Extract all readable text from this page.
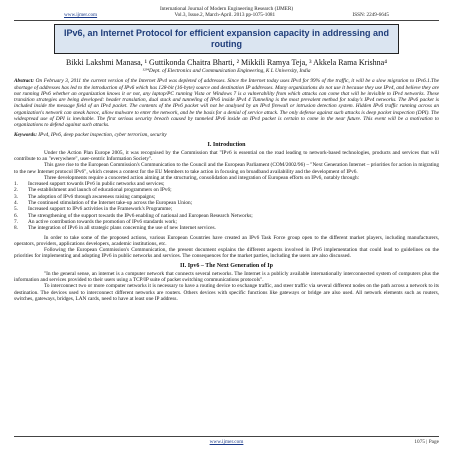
International Journal of Modern Engineering Research (IJMER)
www.ijmer.com	Vol.3, Issue.2, March-April. 2013 pp-1075-1081	ISSN: 2249-6645
IPv6, an Internet Protocol for efficient expansion capacity in addressing and routing
Bikki Lakshmi Manasa, ¹ Guttikonda Chaitra Bharti, ² Mikkili Ramya Teja, ³ Akkela Rama Krishna⁴
¹²³⁴Dept. of Electronics and Communication Engineering, K L University, India
Abstract: On February 3, 2011 the current version of the Internet IPv4 was depleted of addresses. Since the Internet today uses IPv4 for 99% of the traffic, it will be a slow migration to IPv6.1.The shortage of addresses has led to the introduction of IPv6 which has 128-bit (16-byte) source and destination IP addresses. Many organizations do not use it because they use IPv4, and believe they are not running IPv6 whether an organization knows it or not, any laptop/PC running Vista or Windows 7 is a vulnerability from which attacks can come that will be invisible to IPv4 networks. These transition strategies are being developed: header translation, dual stack and tunneling of IPv6 inside IPv4 4 Tunneling is the most prevalent method for today's IPv4 networks. The IPv6 packet is included inside the message field of an IPv4 packet. The contents of the IPv6 packet will not be analysed by an IPv4 firewall or intrusion detection system. Hidden IPv6 traffic running across an organization's network can sneak havoc, allow malware to enter the network, and be the basis for a denial of service attack. The only defense against such attacks is deep packet inspection (DPI). The widespread use of DPI is inevitable. The first serious security breach caused by tunneled IPv6 inside an IPv4 packet is certain to come in the near future. This event will be a motivation to organizations to defend against such attacks.
Keywords: IPv4, IPv6, deep packet inspection, cyber terrorism, security
I. Introduction

Under the Action Plan Europe 2005, it was recognised by the Commission that "IPv6 is essential on the road leading to network-based technologies, products and services that will contribute to an "everywhere", user-centric Information Society".

This gave rise to the European Commission's Communication to the Council and the European Parliament (COM/2002/96) – "Next Generation Internet – priorities for action in migrating to the new Internet protocol IPv6", which creates a context for the EU Members to take action in focusing on broadband availability and the development of IPv6.

Three developments require a concerted action aiming at the structuring, consolidation and integration of European efforts on IPv6, notably through:

1.	Increased support towards IPv6 in public networks and services;
2.	The establishment and launch of educational programmers on IPv6;
3.	The adoption of IPv6 through awareness raising campaigns;
4.	The continued stimulation of the Internet take-up across the European Union;
5.	Increased support to IPv6 activities in the Framework's Programme;
6.	The strengthening of the support towards the IPv6 enabling of national and European Research Networks;
7.	An active contribution towards the promotion of IPv6 standards work;
8.	The integration of IPv6 in all strategic plans concerning the use of new Internet services.

In order to take some of the proposed actions, various European Countries have created an IPv6 Task Force group open to the different market players, including manufacturers, operators, providers, applications developers, academic institutions, etc.

Following the European Commission's Communication, the present document explains the different aspects involved in IPv6 implementation that could lead to guidelines on the priorities for implementing and adopting IPv6 in public networks and services. The consequences for the market parties, including the users are also discussed.

II. Ipv6 – The Next Generation of Ip

"In the general sense, an internet is a computer network that connects several networks. The Internet is a publicly available internationally interconnected system of computers plus the information and services provided to their users using a TCP/IP suite of packet switching communications protocols".

To interconnect two or more computer networks it is necessary to have a routing device to exchange traffic, and steer traffic via several different nodes on the path across a network to its destination. The devices used to interconnect different networks are routers. Others devices with specific functions like gateways or bridge are also used. All network elements such as routers, switches, gateways, bridges, LAN cards, need to have at least one IP address.

www.ijmer.com	1075 | Page
